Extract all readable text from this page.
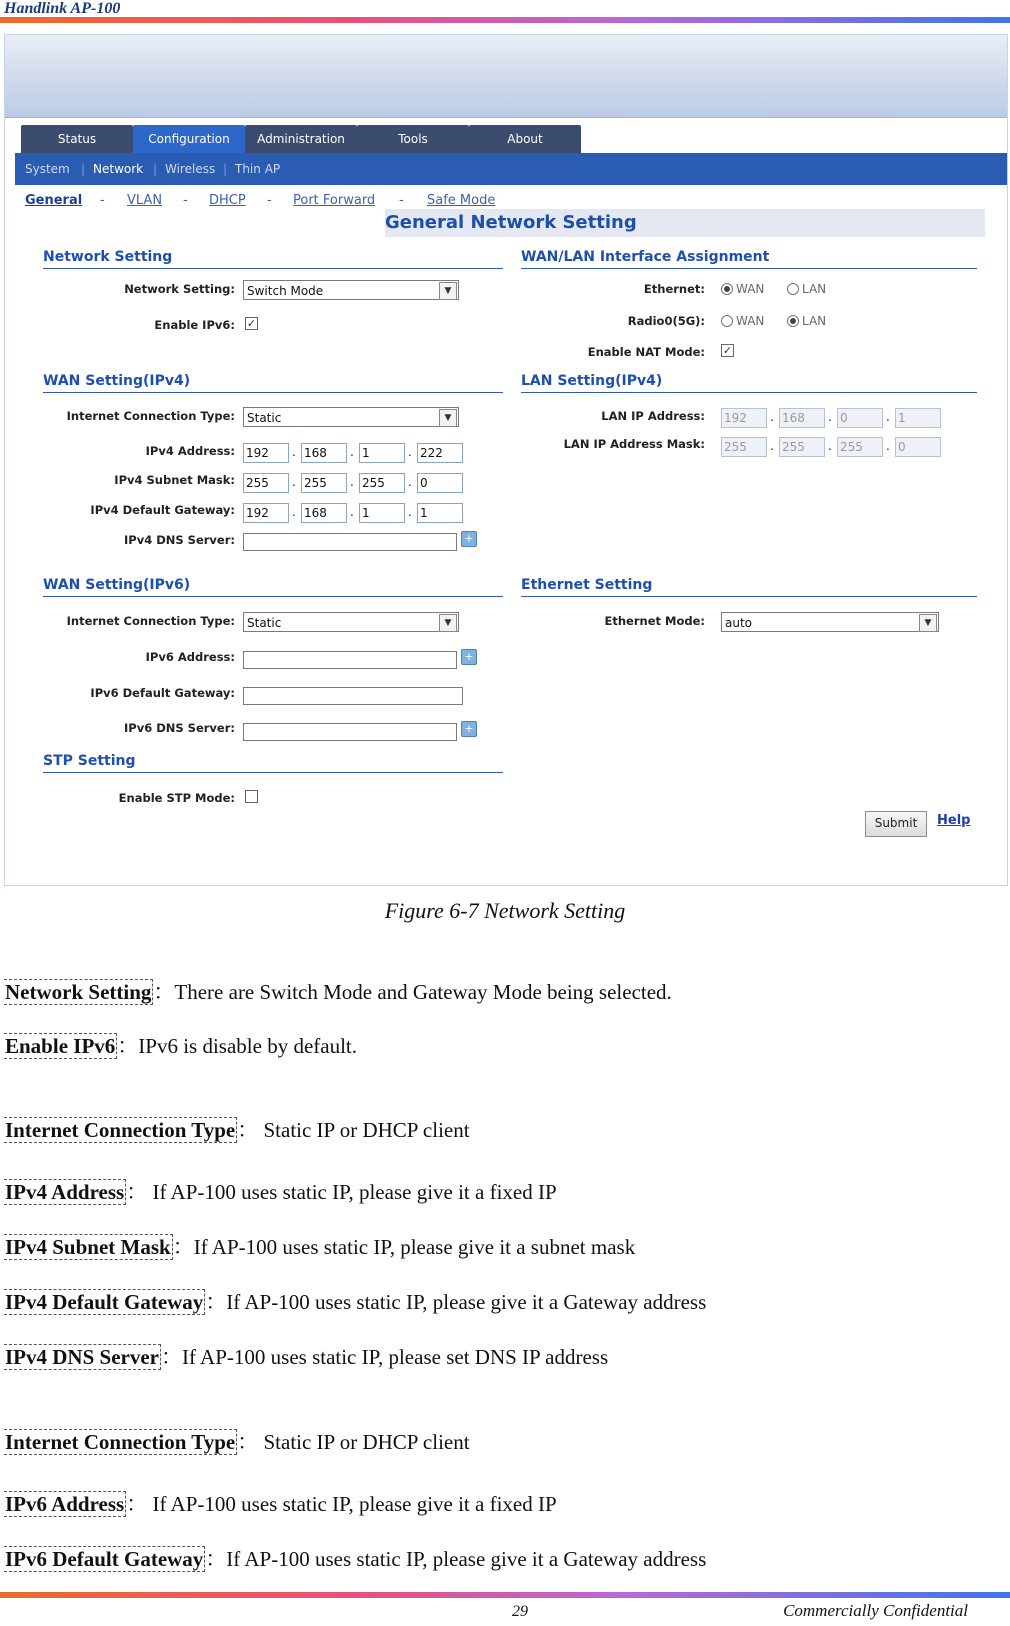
Handlink AP-100
Status	Configuration	Administration	Tools	About
System | Network | Wireless | Thin AP
General - VLAN - DHCP - Port Forward - Safe Mode
General Network Setting
Network Setting
Network Setting:	Switch Mode	▼
Enable IPv6: ✓
WAN/LAN Interface Assignment
Ethernet:	WAN	LAN
Radio0(5G):	WAN	LAN
Enable NAT Mode: ✓
WAN Setting(IPv4)
Internet Connection Type:	Static	▼
IPv4 Address: 192	. 168	. 1	. 222
IPv4 Subnet Mask: 255	. 255	. 255	. 0
IPv4 Default Gateway: 192	. 168	. 1	. 1
IPv4 DNS Server:	+
LAN Setting(IPv4)
LAN IP Address: 192	. 168	. 0	. 1
LAN IP Address Mask: 255	. 255	. 255	. 0
WAN Setting(IPv6)
Internet Connection Type:	Static	▼
IPv6 Address:	+
IPv6 Default Gateway:
IPv6 DNS Server:	+
Ethernet Setting
Ethernet Mode:	auto	▼
STP Setting
Enable STP Mode:
Submit	Help
Figure 6-7 Network Setting
Network Setting：There are Switch Mode and Gateway Mode being selected.
Enable IPv6：IPv6 is disable by default.
Internet Connection Type： Static IP or DHCP client
IPv4 Address： If AP-100 uses static IP, please give it a fixed IP
IPv4 Subnet Mask：If AP-100 uses static IP, please give it a subnet mask
IPv4 Default Gateway：If AP-100 uses static IP, please give it a Gateway address
IPv4 DNS Server：If AP-100 uses static IP, please set DNS IP address
Internet Connection Type： Static IP or DHCP client
IPv6 Address： If AP-100 uses static IP, please give it a fixed IP
IPv6 Default Gateway：If AP-100 uses static IP, please give it a Gateway address
29	Commercially Confidential
